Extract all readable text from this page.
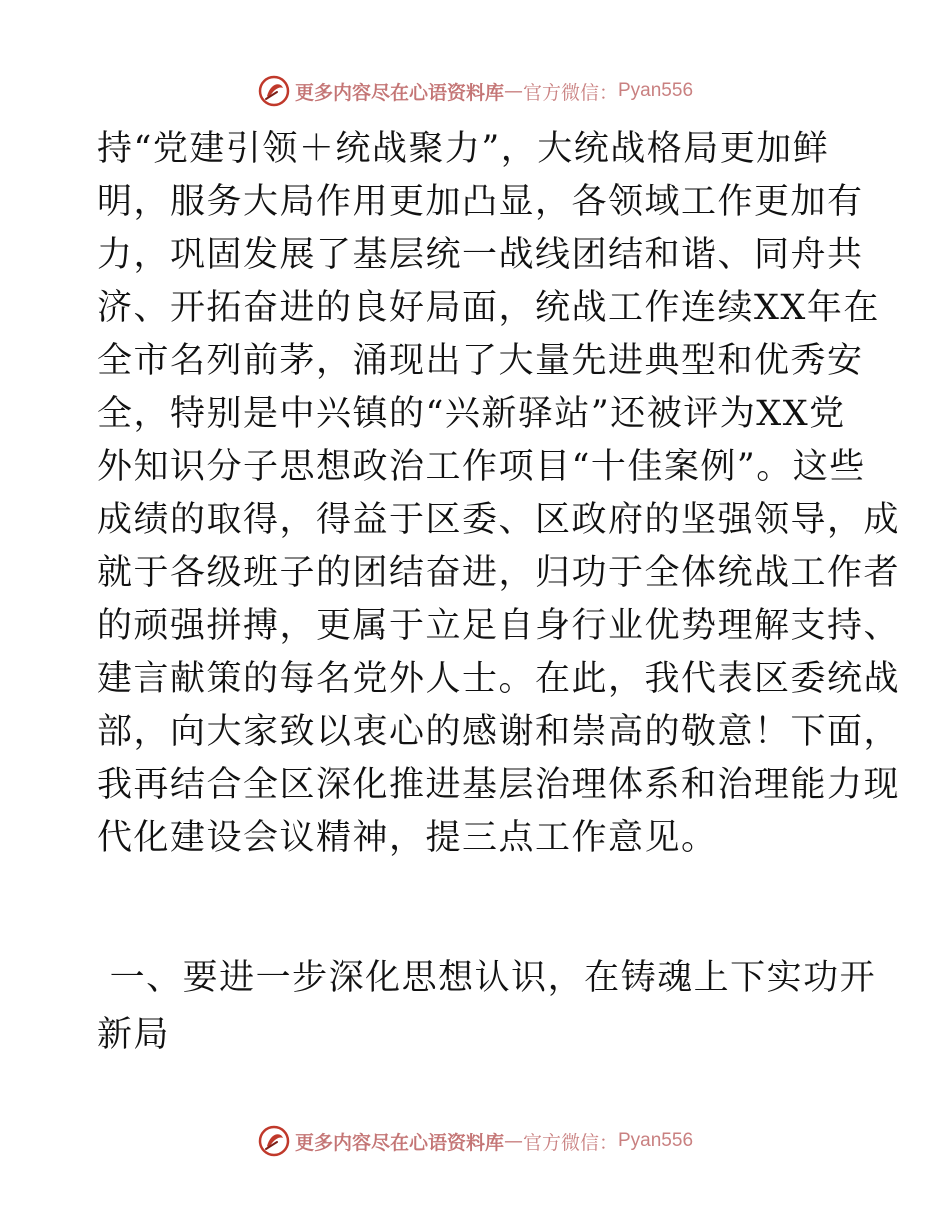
更多内容尽在心语资料库 — 官方微信： Pyan556
持“党建引领＋统战聚力”，大统战格局更加鲜
明，服务大局作用更加凸显，各领域工作更加有
力，巩固发展了基层统一战线团结和谐、同舟共
济、开拓奋进的良好局面，统战工作连续XX年在
全市名列前茅，涌现出了大量先进典型和优秀安
全，特别是中兴镇的“兴新驿站”还被评为XX党
外知识分子思想政治工作项目“十佳案例”。这些
成绩的取得，得益于区委、区政府的坚强领导，成
就于各级班子的团结奋进，归功于全体统战工作者
的顽强拼搏，更属于立足自身行业优势理解支持、
建言献策的每名党外人士。在此，我代表区委统战
部，向大家致以衷心的感谢和崇高的敬意！下面，
我再结合全区深化推进基层治理体系和治理能力现
代化建设会议精神，提三点工作意见。
一、要进一步深化思想认识，在铸魂上下实功开
新局
更多内容尽在心语资料库 — 官方微信： Pyan556
